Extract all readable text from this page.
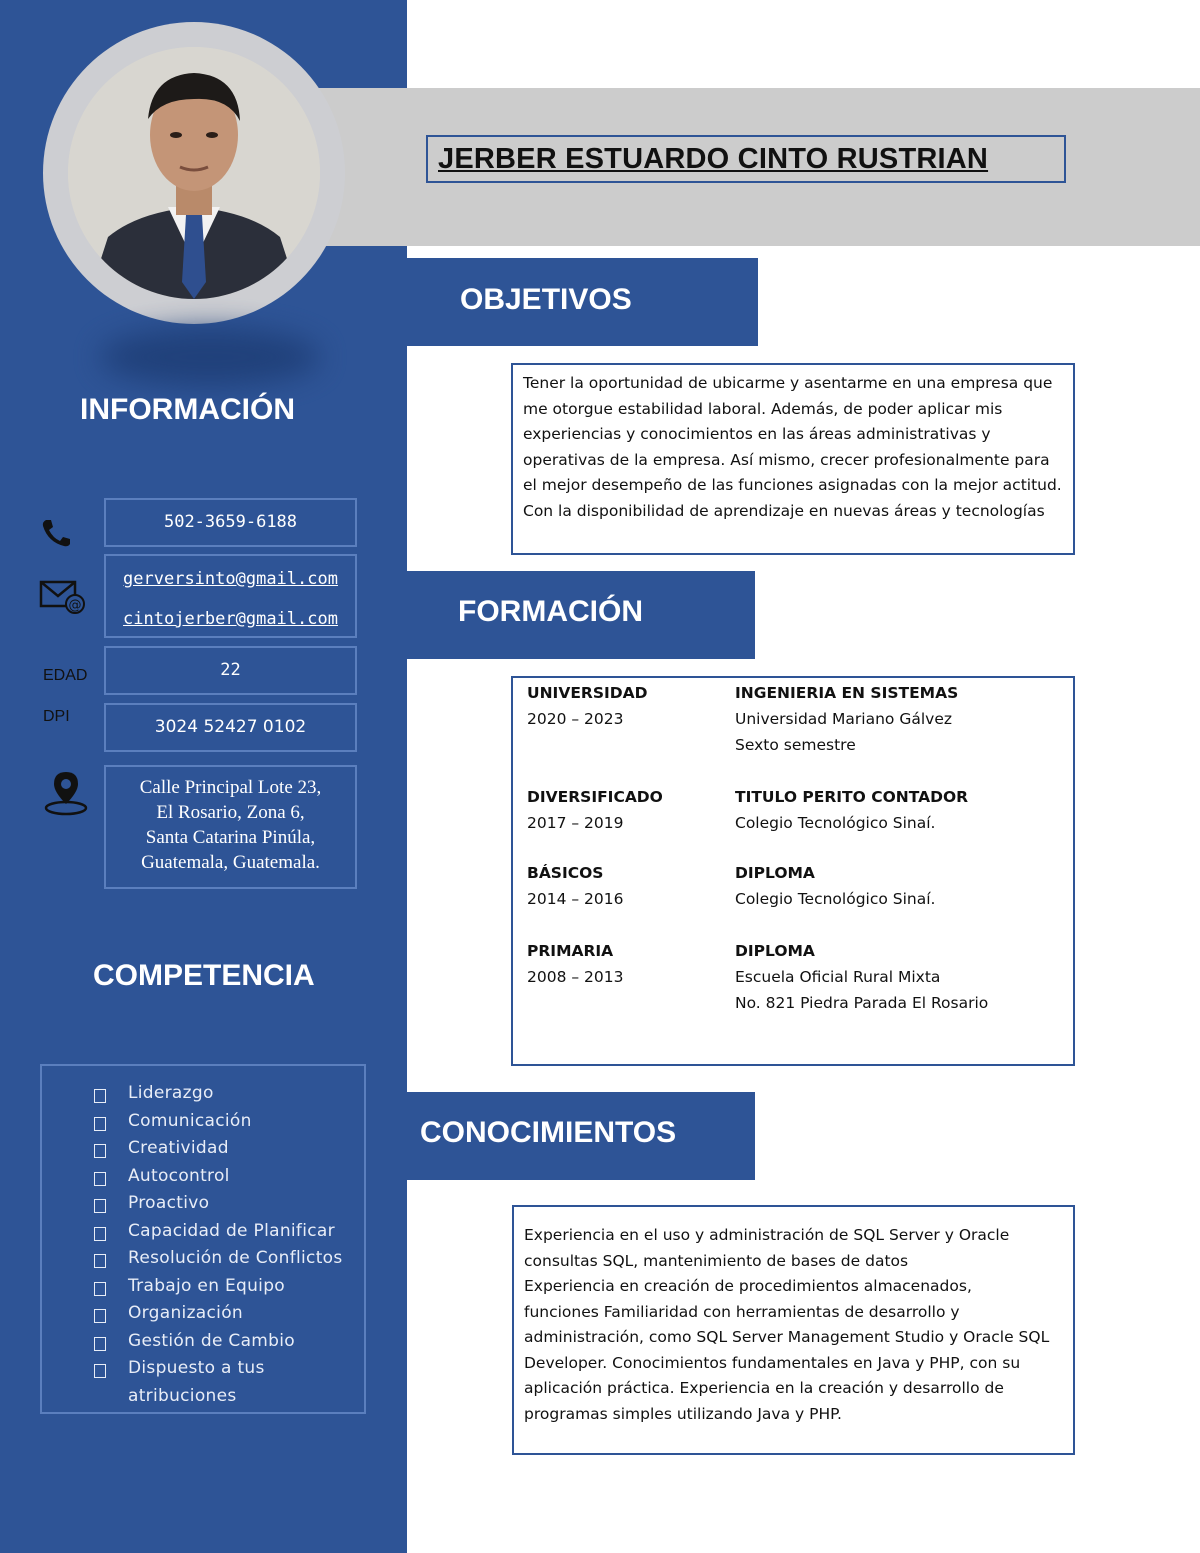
JERBER ESTUARDO CINTO RUSTRIAN
OBJETIVOS

Tener la oportunidad de ubicarme y asentarme en una empresa que me otorgue estabilidad laboral. Además, de poder aplicar mis experiencias y conocimientos en las áreas administrativas y operativas de la empresa. Así mismo, crecer profesionalmente para el mejor desempeño de las funciones asignadas con la mejor actitud. Con la disponibilidad de aprendizaje en nuevas áreas y tecnologías

FORMACIÓN
UNIVERSIDAD
2020 – 2023
INGENIERIA EN SISTEMAS
Universidad Mariano Gálvez
Sexto semestre
DIVERSIFICADO
2017 – 2019
TITULO PERITO CONTADOR
Colegio Tecnológico Sinaí.
BÁSICOS
2014 – 2016
DIPLOMA
Colegio Tecnológico Sinaí.
PRIMARIA
2008 – 2013
DIPLOMA
Escuela Oficial Rural Mixta
No. 821 Piedra Parada El Rosario
CONOCIMIENTOS

Experiencia en el uso y administración de SQL Server y Oracle

consultas SQL, mantenimiento de bases de datos

Experiencia en creación de procedimientos almacenados,

funciones Familiaridad con herramientas de desarrollo y

administración, como SQL Server Management Studio y Oracle SQL

Developer. Conocimientos fundamentales en Java y PHP, con su

aplicación práctica. Experiencia en la creación y desarrollo de

programas simples utilizando Java y PHP.

INFORMACIÓN
502-3659-6188
@
gerversinto@gmail.com
cintojerber@gmail.com
EDAD	22
DPI
3024 52427 0102
Calle Principal Lote 23,
El Rosario, Zona 6,
Santa Catarina Pinúla,
Guatemala, Guatemala.
COMPETENCIA
Liderazgo
Comunicación
Creatividad
Autocontrol
Proactivo
Capacidad de Planificar
Resolución de Conflictos
Trabajo en Equipo
Organización
Gestión de Cambio
Dispuesto a tus
atribuciones
